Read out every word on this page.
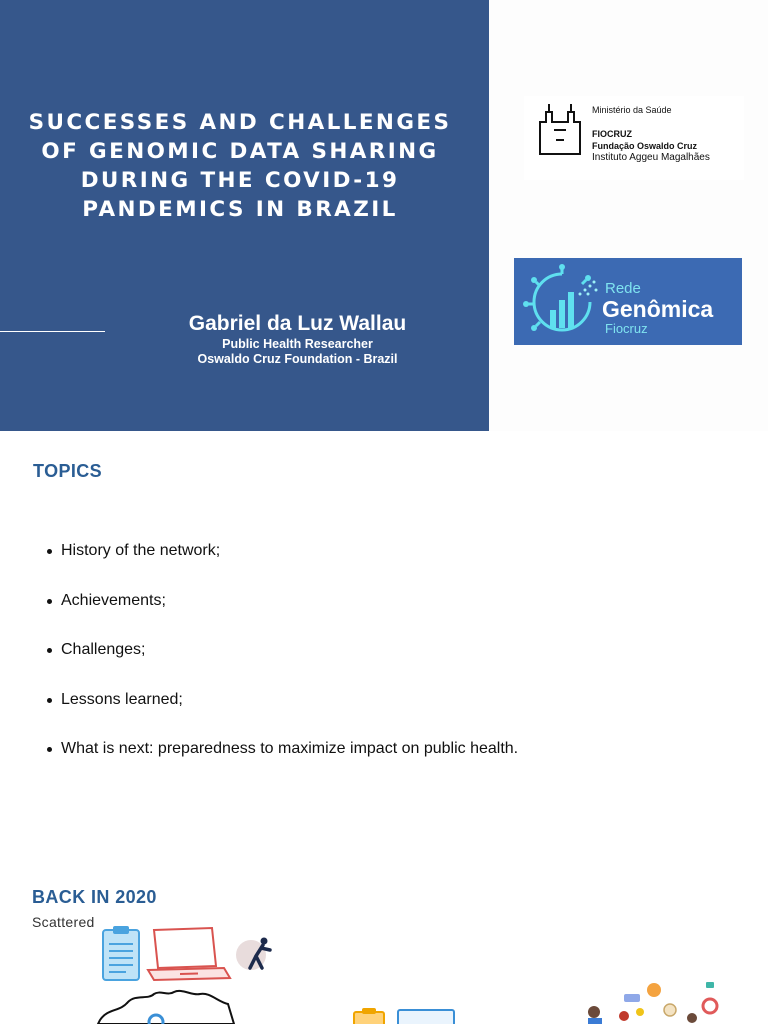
SUCCESSES AND CHALLENGES OF GENOMIC DATA SHARING DURING THE COVID-19 PANDEMICS IN BRAZIL
Gabriel da Luz Wallau
Public Health Researcher
Oswaldo Cruz Foundation - Brazil
Ministério da Saúde
FIOCRUZ
Fundação Oswaldo Cruz
Instituto Aggeu Magalhães
Rede
Genômica
Fiocruz
TOPICS
History of the network;
Achievements;
Challenges;
Lessons learned;
What is next: preparedness to maximize impact on public health.
BACK IN 2020
Scattered
